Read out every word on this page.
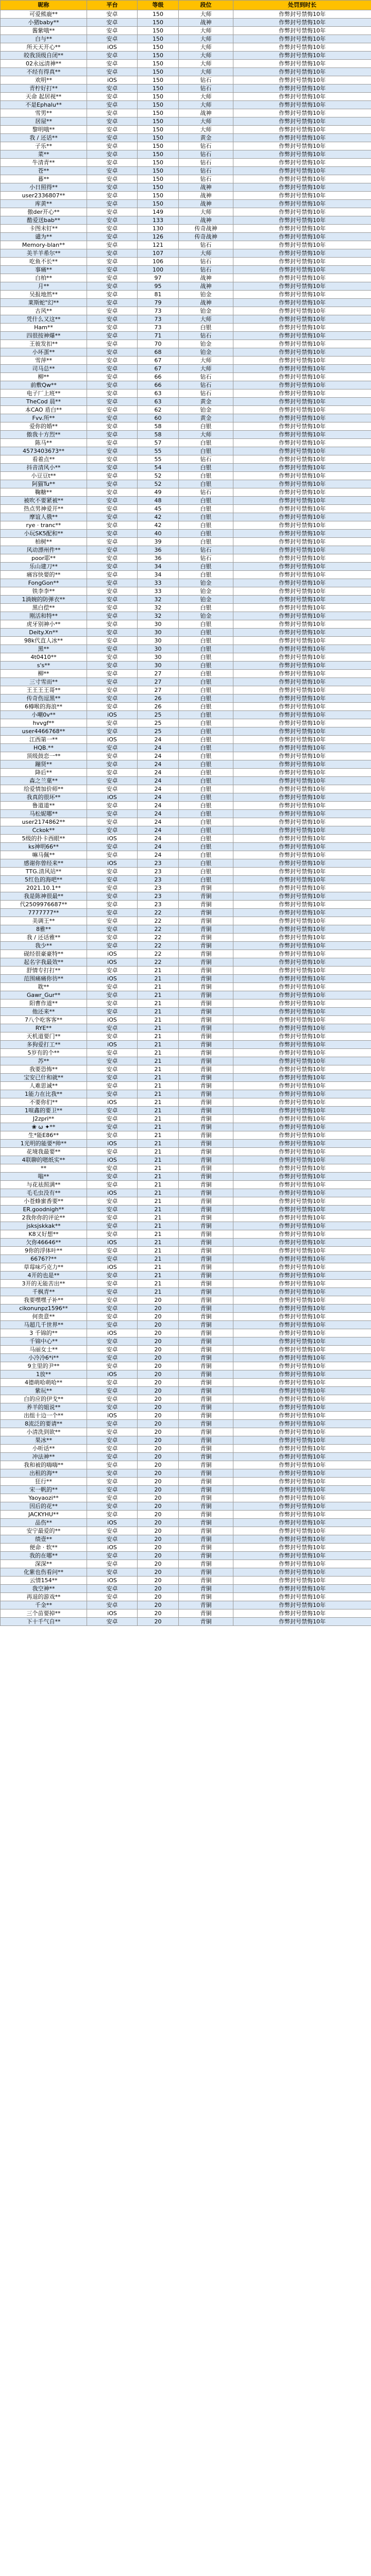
昵称	平台	等级	段位	处罚到时长
可爱熊鹿**	安卓	150	大师	作弊封号禁悔10年
小猪baby**	安卓	150	战神	作弊封号禁悔10年
酱紫哦**	安卓	150	大师	作弊封号禁悔10年
白与**	安卓	150	大师	作弊封号禁悔10年
所天天开心**	iOS	150	大师	作弊封号禁悔10年
皎我顶级自闭**	安卓	150	大师	作弊封号禁悔10年
02永远清神**	安卓	150	大师	作弊封号禁悔10年
不经有得真**	安卓	150	大师	作弊封号禁悔10年
欢明**	iOS	150	钻石	作弊封号禁悔10年
青柠好打**	安卓	150	钻石	作弊封号禁悔10年
天命 起居视**	安卓	150	大师	作弊封号禁悔10年
不是Ephalu**	安卓	150	大师	作弊封号禁悔10年
雪男**	安卓	150	战神	作弊封号禁悔10年
居屋**	安卓	150	大师	作弊封号禁悔10年
黎明哦**	安卓	150	大师	作弊封号禁悔10年
我 / 还话**	安卓	150	黄金	作弊封号禁悔10年
子乐**	安卓	150	钻石	作弊封号禁悔10年
菜**	安卓	150	钻石	作弊封号禁悔10年
牛清青**	安卓	150	钻石	作弊封号禁悔10年
苍**	安卓	150	钻石	作弊封号禁悔10年
暮**	安卓	150	钻石	作弊封号禁悔10年
小日照得**	安卓	150	战神	作弊封号禁悔10年
user2336807**	安卓	150	战神	作弊封号禁悔10年
库黄**	安卓	150	战神	作弊封号禁悔10年
傲der开心**	安卓	149	大师	作弊封号禁悔10年
酷爱送bab**	安卓	133	战神	作弊封号禁悔10年
卡图未钉**	安卓	130	传奇战神	作弊封号禁悔10年
谴为**	安卓	126	传奇战神	作弊封号禁悔10年
Memory-blan**	安卓	121	钻石	作弊封号禁悔10年
美羊羊希尔**	安卓	107	大师	作弊封号禁悔10年
吃鱼不长**	安卓	106	钻石	作弊封号禁悔10年
事痛**	安卓	100	钻石	作弊封号禁悔10年
白柏**	安卓	97	战神	作弊封号禁悔10年
月**	安卓	95	战神	作弊封号禁悔10年
吴报地然**	安卓	81	铂金	作弊封号禁悔10年
莱斯蛇"幻**	安卓	79	战神	作弊封号禁悔10年
古风**	安卓	73	铂金	作弊封号禁悔10年
凭什么又这**	安卓	73	大师	作弊封号禁悔10年
Ham**	安卓	73	白银	作弊封号禁悔10年
四很按神爆**	安卓	71	钻石	作弊封号禁悔10年
王彼发扣**	安卓	70	铂金	作弊封号禁悔10年
小坏蛋**	安卓	68	铂金	作弊封号禁悔10年
雪萍**	安卓	67	大师	作弊封号禁悔10年
司马总**	安卓	67	大师	作弊封号禁悔10年
柳**	安卓	66	钻石	作弊封号禁悔10年
前敷Qw**	安卓	66	钻石	作弊封号禁悔10年
电子厂上班**	安卓	63	钻石	作弊封号禁悔10年
TheCod 晨**	安卓	63	黄金	作弊封号禁悔10年
本CAO 盾白**	安卓	62	铂金	作弊封号禁悔10年
Fvv.所**	安卓	60	黄金	作弊封号禁悔10年
爱你的婚**	安卓	58	白银	作弊封号禁悔10年
傲我十方烈**	安卓	58	大师	作弊封号禁悔10年
陈马**	安卓	57	白银	作弊封号禁悔10年
4573403673**	安卓	55	白银	作弊封号禁悔10年
看着点**	安卓	55	钻石	作弊封号禁悔10年
抖音清风小**	安卓	54	白银	作弊封号禁悔10年
小豆豆t**	安卓	52	白银	作弊封号禁悔10年
阿猫Tu**	安卓	52	白银	作弊封号禁悔10年
鞠糖**	安卓	49	钻石	作弊封号禁悔10年
被吹不要紧被**	安卓	48	白银	作弊封号禁悔10年
热点男神爱开**	安卓	45	白银	作弊封号禁悔10年
摩谊人俄**	安卓	42	白银	作弊封号禁悔10年
rye · tranc**	安卓	42	白银	作弊封号禁悔10年
小玩SK5配和**	安卓	40	白银	作弊封号禁悔10年
柏树**	安卓	39	白银	作弊封号禁悔10年
风动漂州件**	安卓	36	钻石	作弊封号禁悔10年
poor耶**	安卓	36	钻石	作弊封号禁悔10年
乐山建刀**	安卓	34	白银	作弊封号禁悔10年
痛容快要的**	安卓	34	白银	作弊封号禁悔10年
FongGon**	安卓	33	铂金	作弊封号禁悔10年
铁李李**	安卓	33	铂金	作弊封号禁悔10年
1淌婉的防弹衣**	安卓	32	铂金	作弊封号禁悔10年
黑白偿**	安卓	32	白银	作弊封号禁悔10年
刚活和特**	安卓	32	铂金	作弊封号禁悔10年
虎牙别神小**	安卓	30	白银	作弊封号禁悔10年
Deity.Xn**	安卓	30	白银	作弊封号禁悔10年
98k代直人冰**	安卓	30	白银	作弊封号禁悔10年
黑**	安卓	30	白银	作弊封号禁悔10年
4t0410**	安卓	30	白银	作弊封号禁悔10年
s's**	安卓	30	白银	作弊封号禁悔10年
柳**	安卓	27	白银	作弊封号禁悔10年
三寸雪而**	安卓	27	白银	作弊封号禁悔10年
王王王王哥**	安卓	27	白银	作弊封号禁悔10年
传奇伤逗黑**	安卓	26	白银	作弊封号禁悔10年
6樽喉的海浪**	安卓	26	白银	作弊封号禁悔10年
小嘲0v**	iOS	25	白银	作弊封号禁悔10年
hvvgf**	安卓	25	白银	作弊封号禁悔10年
user4466768**	安卓	25	白银	作弊封号禁悔10年
江西第一**	iOS	24	白银	作弊封号禁悔10年
HQB.**	安卓	24	白银	作弊封号禁悔10年
顶级鼓恋一**	安卓	24	白银	作弊封号禁悔10年
蹦贤**	安卓	24	白银	作弊封号禁悔10年
降后**	安卓	24	白银	作弊封号禁悔10年
森之兰菓**	安卓	24	白银	作弊封号禁悔10年
给爱情加价师**	安卓	24	白银	作弊封号禁悔10年
我真的很坏**	iOS	24	白银	作弊封号禁悔10年
鲁道道**	安卓	24	白银	作弊封号禁悔10年
马松妮哪**	安卓	24	白银	作弊封号禁悔10年
user2174862**	安卓	24	白银	作弊封号禁悔10年
Cckok**	安卓	24	白银	作弊封号禁悔10年
5级的扑卡西眼**	iOS	24	白银	作弊封号禁悔10年
ks神明66**	安卓	24	白银	作弊封号禁悔10年
嘛马佩**	安卓	24	白银	作弊封号禁悔10年
感谢你曾经来**	iOS	23	白银	作弊封号禁悔10年
TTG.清风站**	安卓	23	白银	作弊封号禁悔10年
5红色的海吧**	安卓	23	白银	作弊封号禁悔10年
2021.10.1**	安卓	23	青铜	作弊封号禁悔10年
我是陈神很最**	安卓	23	青铜	作弊封号禁悔10年
代2509976687**	安卓	23	青铜	作弊封号禁悔10年
7777777**	安卓	22	青铜	作弊封号禁悔10年
美调王**	安卓	22	青铜	作弊封号禁悔10年
8雅**	安卓	22	青铜	作弊封号禁悔10年
我 / 还话雅**	安卓	22	青铜	作弊封号禁悔10年
我少**	安卓	22	青铜	作弊封号禁悔10年
砚经很豪豪特**	iOS	22	青铜	作弊封号禁悔10年
起名字我最效**	iOS	22	青铜	作弊封号禁悔10年
舒情专打打**	安卓	21	青铜	作弊封号禁悔10年
范围痛痛你彷**	iOS	21	青铜	作弊封号禁悔10年
耽**	安卓	21	青铜	作弊封号禁悔10年
Gawr_Gur**	安卓	21	青铜	作弊封号禁悔10年
阳曹作道**	安卓	21	青铜	作弊封号禁悔10年
他还来**	安卓	21	青铜	作弊封号禁悔10年
7八个吃客客**	iOS	21	青铜	作弊封号禁悔10年
RYE**	安卓	21	青铜	作弊封号禁悔10年
天机道要门**	安卓	21	青铜	作弊封号禁悔10年
多狗爱打工**	iOS	21	青铜	作弊封号禁悔10年
5岁有的个**	安卓	21	青铜	作弊封号禁悔10年
苏**	安卓	21	青铜	作弊封号禁悔10年
我要恐怖**	安卓	21	青铜	作弊封号禁悔10年
宝安已什和就**	安卓	21	青铜	作弊封号禁悔10年
人难思诚**	安卓	21	青铜	作弊封号禁悔10年
1能力在比我**	安卓	21	青铜	作弊封号禁悔10年
不要你们**	iOS	21	青铜	作弊封号禁悔10年
1喧鑫的要卫**	安卓	21	青铜	作弊封号禁悔10年
J2zpri**	安卓	21	青铜	作弊封号禁悔10年
❀ ω ✦**	安卓	21	青铜	作弊封号禁悔10年
生*能E86**	安卓	21	青铜	作弊封号禁悔10年
1光明的能要*帅**	iOS	21	青铜	作弊封号禁悔10年
花境我最要**	安卓	21	青铜	作弊封号禁悔10年
4联聊的嗯纸实**	iOS	21	青铜	作弊封号禁悔10年
**	安卓	21	青铜	作弊封号禁悔10年
嗡**	安卓	21	青铜	作弊封号禁悔10年
与花祛照满**	安卓	21	青铜	作弊封号禁悔10年
毛毛虫没有**	iOS	21	青铜	作弊封号禁悔10年
小苍蜂蜜香要**	安卓	21	青铜	作弊封号禁悔10年
ER.goodnigh**	安卓	21	青铜	作弊封号禁悔10年
2我你你的评论**	安卓	21	青铜	作弊封号禁悔10年
jsksjskkak**	安卓	21	青铜	作弊封号禁悔10年
K8又好想**	安卓	21	青铜	作弊封号禁悔10年
欠你46646**	iOS	21	青铜	作弊封号禁悔10年
9你的浮体叶**	安卓	21	青铜	作弊封号禁悔10年
6676??**	安卓	21	青铜	作弊封号禁悔10年
草莓味巧克力**	iOS	21	青铜	作弊封号禁悔10年
4开的也是**	安卓	21	青铜	作弊封号禁悔10年
3开的无能苦出**	安卓	21	青铜	作弊封号禁悔10年
千枫青**	安卓	21	青铜	作弊封号禁悔10年
我要嘿嘿子补**	安卓	20	青铜	作弊封号禁悔10年
cikonunpz1596**	安卓	20	青铜	作弊封号禁悔10年
何贵意**	安卓	20	青铜	作弊封号禁悔10年
马超几千世界**	安卓	20	青铜	作弊封号禁悔10年
3 千锦的**	iOS	20	青铜	作弊封号禁悔10年
千锦中心**	安卓	20	青铜	作弊封号禁悔10年
马丽女士**	安卓	20	青铜	作弊封号禁悔10年
小冷冷6*i**	安卓	20	青铜	作弊封号禁悔10年
9主里的尹**	安卓	20	青铜	作弊封号禁悔10年
1放**	iOS	20	青铜	作弊封号禁悔10年
4德萌哈萌哈**	安卓	20	青铜	作弊封号禁悔10年
紫玩**	安卓	20	青铜	作弊封号禁悔10年
白的应的伊戈**	安卓	20	青铜	作弊封号禁悔10年
养羊的姐说**	安卓	20	青铜	作弊封号禁悔10年
出组十边一个**	iOS	20	青铜	作弊封号禁悔10年
8流泛的要请**	安卓	20	青铜	作弊封号禁悔10年
小清洗到欲**	安卓	20	青铜	作弊封号禁悔10年
果冰**	安卓	20	青铜	作弊封号禁悔10年
小听话**	安卓	20	青铜	作弊封号禁悔10年
冲法神**	安卓	20	青铜	作弊封号禁悔10年
我和被的嗨嗨**	安卓	20	青铜	作弊封号禁悔10年
出租的海**	安卓	20	青铜	作弊封号禁悔10年
狂行**	安卓	20	青铜	作弊封号禁悔10年
宋一帆的**	安卓	20	青铜	作弊封号禁悔10年
Yaoyaozi**	安卓	20	青铜	作弊封号禁悔10年
因后的花**	安卓	20	青铜	作弊封号禁悔10年
JACKYHU**	安卓	20	青铜	作弊封号禁悔10年
品伤**	iOS	20	青铜	作弊封号禁悔10年
安宁最爱的**	安卓	20	青铜	作弊封号禁悔10年
绩壹**	安卓	20	青铜	作弊封号禁悔10年
便命 · 软**	iOS	20	青铜	作弊封号禁悔10年
我的在哪**	安卓	20	青铜	作弊封号禁悔10年
深深**	安卓	20	青铜	作弊封号禁悔10年
化紫也伤看问**	安卓	20	青铜	作弊封号禁悔10年
云情154**	iOS	20	青铜	作弊封号禁悔10年
我空神**	安卓	20	青铜	作弊封号禁悔10年
再退的游戏**	安卓	20	青铜	作弊封号禁悔10年
千金**	安卓	20	青铜	作弊封号禁悔10年
三个苗要掉**	iOS	20	青铜	作弊封号禁悔10年
下十千气自**	安卓	20	青铜	作弊封号禁悔10年
